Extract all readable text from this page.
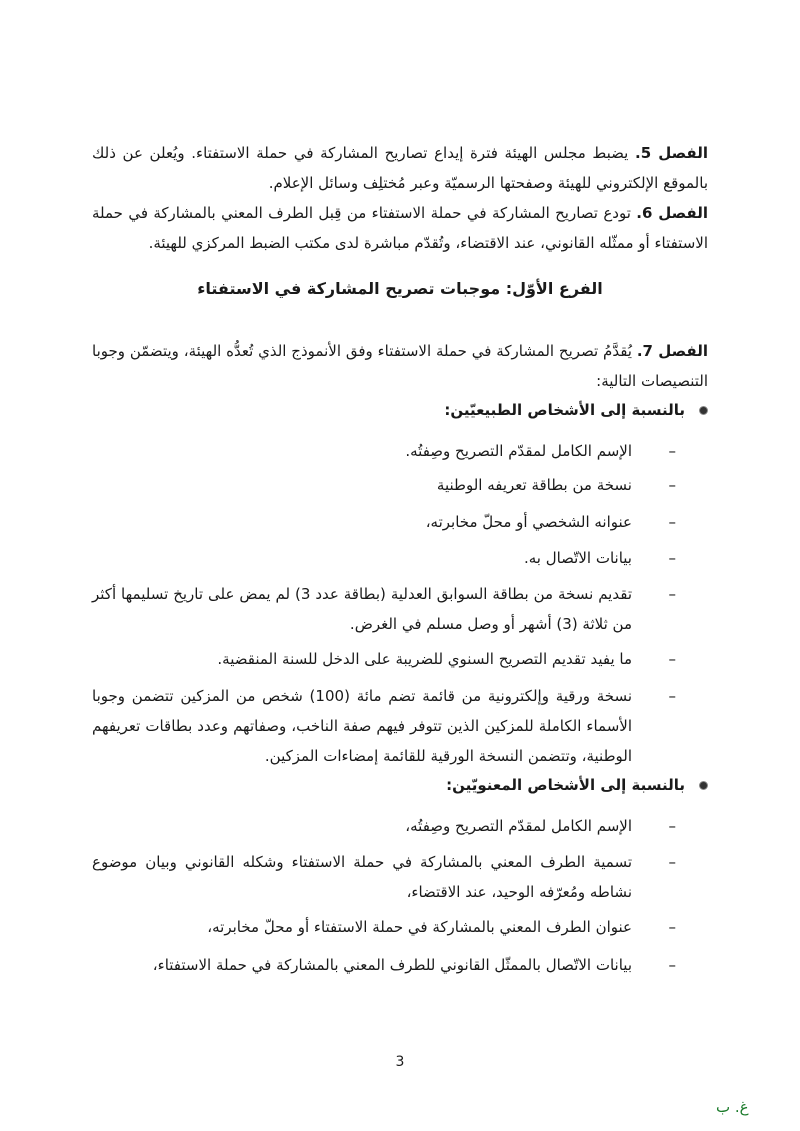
الفصل 5. يضبط مجلس الهيئة فترة إيداع تصاريح المشاركة في حملة الاستفتاء. ويُعلن عن ذلك بالموقع الإلكتروني للهيئة وصفحتها الرسميّة وعبر مُختلِف وسائل الإعلام.
الفصل 6. تودع تصاريح المشاركة في حملة الاستفتاء من قِبل الطرف المعني بالمشاركة في حملة الاستفتاء أو ممثّله القانوني، عند الاقتضاء، وتُقدّم مباشرة لدى مكتب الضبط المركزي للهيئة.
الفرع الأوّل: موجبات تصريح المشاركة في الاستفتاء
الفصل 7. يُقدَّمُ تصريح المشاركة في حملة الاستفتاء وفق الأنموذج الذي تُعدُّه الهيئة، ويتضمّن وجوبا التنصيصات التالية:
بالنسبة إلى الأشخاص الطبيعيّين:
–
الإسم الكامل لمقدّم التصريح وصِفتُه.
–
نسخة من بطاقة تعريفه الوطنية
–
عنوانه الشخصي أو محلّ مخابرته،
–
بيانات الاتّصال به.
–
تقديم نسخة من بطاقة السوابق العدلية (بطاقة عدد 3) لم يمض على تاريخ تسليمها أكثر من ثلاثة (3) أشهر أو وصل مسلم في الغرض.
–
ما يفيد تقديم التصريح السنوي للضريبة على الدخل للسنة المنقضية.
–
نسخة ورقية وإلكترونية من قائمة تضم مائة (100) شخص من المزكين تتضمن وجوبا الأسماء الكاملة للمزكين الذين تتوفر فيهم صفة الناخب، وصفاتهم وعدد بطاقات تعريفهم الوطنية، وتتضمن النسخة الورقية للقائمة إمضاءات المزكين.
بالنسبة إلى الأشخاص المعنويّين:
–
الإسم الكامل لمقدّم التصريح وصِفتُه،
–
تسمية الطرف المعني بالمشاركة في حملة الاستفتاء وشكله القانوني وبيان موضوع نشاطه ومُعرّفه الوحيد، عند الاقتضاء،
–
عنوان الطرف المعني بالمشاركة في حملة الاستفتاء أو محلّ مخابرته،
–
بيانات الاتّصال بالممثّل القانوني للطرف المعني بالمشاركة في حملة الاستفتاء،
3
غ. ب
